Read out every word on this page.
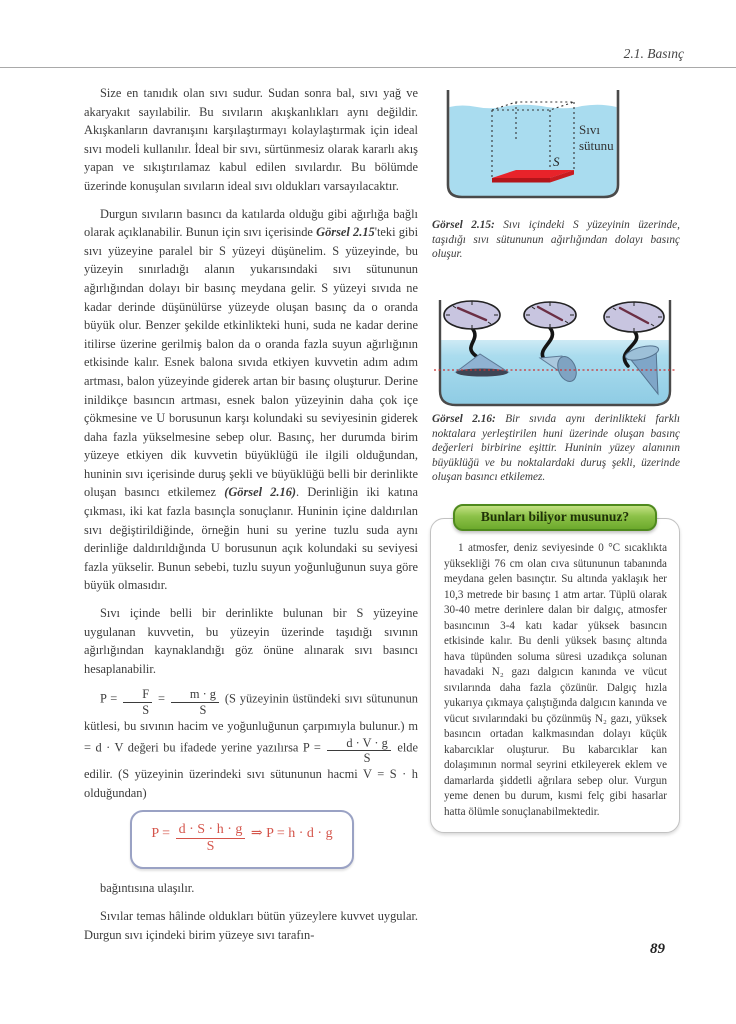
2.1. Basınç

Size en tanıdık olan sıvı sudur. Sudan sonra bal, sıvı yağ ve akaryakıt sayılabilir. Bu sıvıların akışkanlıkları aynı değildir. Akışkanların davranışını karşılaştırmayı kolaylaştırmak için ideal sıvı modeli kullanılır. İdeal bir sıvı, sürtünmesiz olarak kararlı akış yapan ve sıkıştırılamaz kabul edilen sıvılardır. Bu bölümde üzerinde konuşulan sıvıların ideal sıvı oldukları varsayılacaktır.

Durgun sıvıların basıncı da katılarda olduğu gibi ağırlığa bağlı olarak açıklanabilir. Bunun için sıvı içerisinde Görsel 2.15'teki gibi sıvı yüzeyine paralel bir S yüzeyi düşünelim. S yüzeyinde, bu yüzeyin sınırladığı alanın yukarısındaki sıvı sütununun ağırlığından dolayı bir basınç meydana gelir. S yüzeyi sıvıda ne kadar derinde düşünülürse yüzeyde oluşan basınç da o oranda büyük olur. Benzer şekilde etkinlikteki huni, suda ne kadar derine itilirse üzerine gerilmiş balon da o oranda fazla suyun ağırlığının etkisinde kalır. Esnek balona sıvıda etkiyen kuvvetin adım adım artması, balon yüzeyinde giderek artan bir basınç oluşturur. Derine inildikçe basıncın artması, esnek balon yüzeyinin daha çok içe çökmesine ve U borusunun karşı kolundaki su seviyesinin giderek daha fazla yükselmesine sebep olur. Basınç, her durumda birim yüzeye etkiyen dik kuvvetin büyüklüğü ile ilgili olduğundan, huninin sıvı içerisinde duruş şekli ve büyüklüğü belli bir derinlikte oluşan basıncı etkilemez (Görsel 2.16). Derinliğin iki katına çıkması, iki kat fazla basınçla sonuçlanır. Huninin içine daldırılan sıvı değiştirildiğinde, örneğin huni su yerine tuzlu suda aynı derinliğe daldırıldığında U borusunun açık kolundaki su seviyesi fazla yükselir. Bunun sebebi, tuzlu suyun yoğunluğunun suya göre büyük olmasıdır.

Sıvı içinde belli bir derinlikte bulunan bir S yüzeyine uygulanan kuvvetin, bu yüzeyin üzerinde taşıdığı sıvının ağırlığından kaynaklandığı göz önüne alınarak sıvı basıncı hesaplanabilir.

$P = \frac{F}{S} = \frac{m \cdot g}{S} (S$ yüzeyinin üstündeki sıvı sütununun kütlesi, bu sıvının hacim ve yoğunluğunun çarpımıyla bulunur.) m = d · V değeri bu ifadede yerine yazılırsa $P = \frac{d \cdot V \cdot g}{S}$ elde edilir. (S yüzeyinin üzerindeki sıvı sütununun hacmi V = S · h olduğundan)
$P = \frac{d \cdot S \cdot h \cdot g}{S}$ ⇒ P = h · d · g

bağıntısına ulaşılır.

Sıvılar temas hâlinde oldukları bütün yüzeylere kuvvet uygular. Durgun sıvı içindeki birim yüzeye sıvı tarafın-

S
Sıvı
sütunu
Görsel 2.15: Sıvı içindeki S yüzeyinin üzerinde, taşıdığı sıvı sütununun ağırlığından dolayı basınç oluşur.
Görsel 2.16: Bir sıvıda aynı derinlikteki farklı noktalara yerleştirilen huni üzerinde oluşan basınç değerleri birbirine eşittir. Huninin yüzey alanının büyüklüğü ve bu noktalardaki duruş şekli, üzerinde oluşan basıncı etkilemez.
Bunları biliyor musunuz?
1 atmosfer, deniz seviyesinde 0 °C sıcaklıkta yüksekliği 76 cm olan cıva sütununun tabanında meydana gelen basınçtır. Su altında yaklaşık her 10,3 metrede bir basınç 1 atm artar. Tüplü olarak 30-40 metre derinlere dalan bir dalgıç, atmosfer basıncının 3-4 katı kadar yüksek basıncın etkisinde kalır. Bu denli yüksek basınç altında hava tüpünden soluma süresi uzadıkça solunan havadaki N₂ gazı dalgıcın kanında ve vücut sıvılarında daha fazla çözünür. Dalgıç hızla yukarıya çıkmaya çalıştığında dalgıcın kanında ve vücut sıvılarındaki bu çözünmüş N₂ gazı, yüksek basıncın ortadan kalkmasından dolayı küçük kabarcıklar oluşturur. Bu kabarcıklar kan dolaşımının normal seyrini etkileyerek eklem ve damarlarda şiddetli ağrılara sebep olur. Vurgun yeme denen bu durum, kısmi felç gibi hasarlar hatta ölümle sonuçlanabilmektedir.
89
